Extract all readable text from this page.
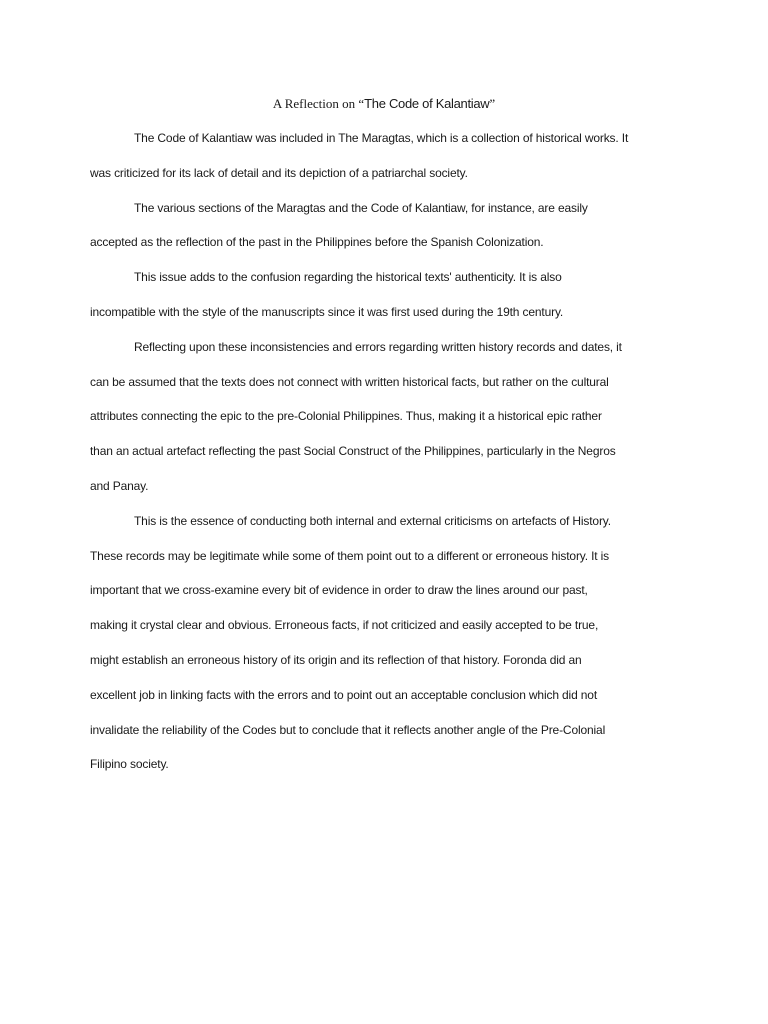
A Reflection on “The Code of Kalantiaw”
The Code of Kalantiaw was included in The Maragtas, which is a collection of historical works. It
was criticized for its lack of detail and its depiction of a patriarchal society.
The various sections of the Maragtas and the Code of Kalantiaw, for instance, are easily
accepted as the reflection of the past in the Philippines before the Spanish Colonization.
This issue adds to the confusion regarding the historical texts' authenticity. It is also
incompatible with the style of the manuscripts since it was first used during the 19th century.
Reflecting upon these inconsistencies and errors regarding written history records and dates, it
can be assumed that the texts does not connect with written historical facts, but rather on the cultural
attributes connecting the epic to the pre-Colonial Philippines. Thus, making it a historical epic rather
than an actual artefact reflecting the past Social Construct of the Philippines, particularly in the Negros
and Panay.
This is the essence of conducting both internal and external criticisms on artefacts of History.
These records may be legitimate while some of them point out to a different or erroneous history. It is
important that we cross-examine every bit of evidence in order to draw the lines around our past,
making it crystal clear and obvious. Erroneous facts, if not criticized and easily accepted to be true,
might establish an erroneous history of its origin and its reflection of that history. Foronda did an
excellent job in linking facts with the errors and to point out an acceptable conclusion which did not
invalidate the reliability of the Codes but to conclude that it reflects another angle of the Pre-Colonial
Filipino society.
